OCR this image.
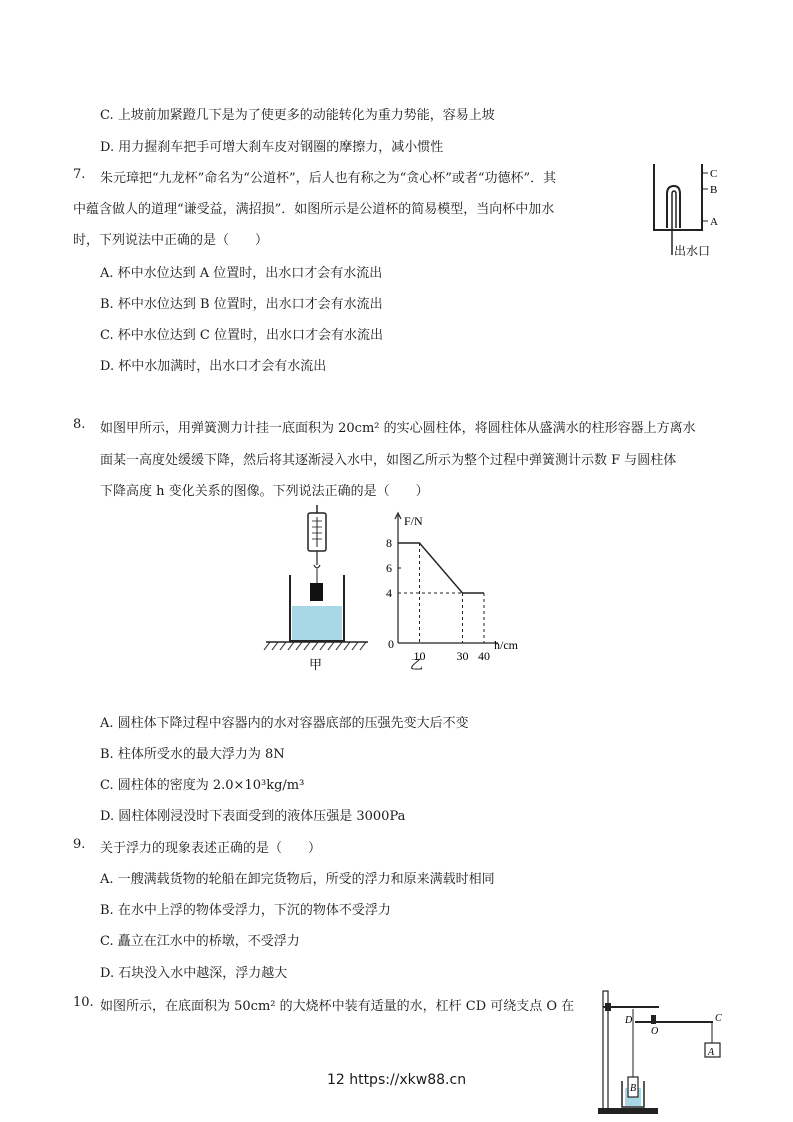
C. 上坡前加紧蹬几下是为了使更多的动能转化为重力势能，容易上坡
D. 用力握刹车把手可增大刹车皮对钢圈的摩擦力，减小惯性
7. 朱元璋把“九龙杯”命名为“公道杯”，后人也有称之为“贪心杯”或者“功德杯”．其
中蕴含做人的道理“谦受益，满招损”．如图所示是公道杯的简易模型，当向杯中加水
时，下列说法中正确的是（　　）
A. 杯中水位达到 A 位置时，出水口才会有水流出
B. 杯中水位达到 B 位置时，出水口才会有水流出
C. 杯中水位达到 C 位置时，出水口才会有水流出
D. 杯中水加满时，出水口才会有水流出
C
B
A
出水口
8. 如图甲所示，用弹簧测力计挂一底面积为 20cm² 的实心圆柱体，将圆柱体从盛满水的柱形容器上方离水
面某一高度处缓缓下降，然后将其逐渐浸入水中，如图乙所示为整个过程中弹簧测计示数 F 与圆柱体
下降高度 h 变化关系的图像。下列说法正确的是（　　）
甲
F/N
h/cm
0
8
6
4
10	30 40
乙
A. 圆柱体下降过程中容器内的水对容器底部的压强先变大后不变
B. 柱体所受水的最大浮力为 8N
C. 圆柱体的密度为 2.0×10³kg/m³
D. 圆柱体刚浸没时下表面受到的液体压强是 3000Pa
9. 关于浮力的现象表述正确的是（　　）
A. 一艘满载货物的轮船在卸完货物后，所受的浮力和原来满载时相同
B. 在水中上浮的物体受浮力，下沉的物体不受浮力
C. 矗立在江水中的桥墩，不受浮力
D. 石块没入水中越深，浮力越大
10. 如图所示，在底面积为 50cm² 的大烧杯中装有适量的水，杠杆 CD 可绕支点 O 在
D
O
C
A
B
12 https://xkw88.cn
